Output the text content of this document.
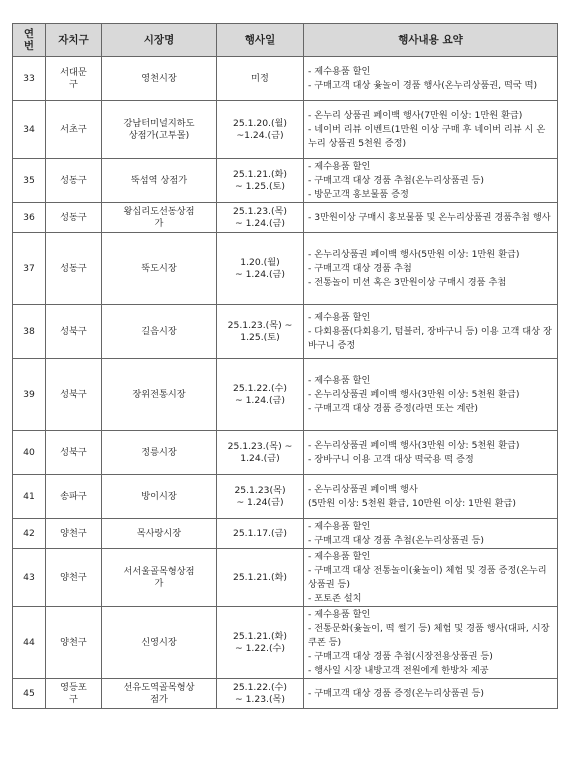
연
번	자치구	시장명	행사일	행사내용 요약
33	서대문
구	영천시장	미정	- 제수용품 할인
- 구매고객 대상 윷놀이 경품 행사(온누리상품권, 떡국 떡)

34	서초구	강남터미널지하도
상점가(고투몰)	25.1.20.(월)
~1.24.(금)	- 온누리 상품권 페이백 행사(7만원 이상: 1만원 환급)
- 네이버 리뷰 이벤트(1만원 이상 구매 후 네이버 리뷰 시 온누리 상품권 5천원 증정)

35	성동구	뚝섬역 상점가	25.1.21.(화)
~ 1.25.(토)	- 제수용품 할인
- 구매고객 대상 경품 추첨(온누리상품권 등)
- 방문고객 홍보물품 증정

36	성동구	왕십리도선동상점
가	25.1.23.(목)
~ 1.24.(금)	- 3만원이상 구매시 홍보물품 및 온누리상품권 경품추첨 행사

37	성동구	뚝도시장	1.20.(월)
~ 1.24.(금)	- 온누리상품권 페이백 행사(5만원 이상: 1만원 환급)
- 구매고객 대상 경품 추첨
- 전통놀이 미션 혹은 3만원이상 구매시 경품 추첨

38	성북구	길음시장	25.1.23.(목) ~
1.25.(토)	- 제수용품 할인
- 다회용품(다회용기, 텀블러, 장바구니 등) 이용 고객 대상 장바구니 증정

39	성북구	장위전통시장	25.1.22.(수)
~ 1.24.(금)	- 제수용품 할인
- 온누리상품권 페이백 행사(3만원 이상: 5천원 환급)
- 구매고객 대상 경품 증정(라면 또는 계란)

40	성북구	정릉시장	25.1.23.(목) ~
1.24.(금)	- 온누리상품권 페이백 행사(3만원 이상: 5천원 환급)
- 장바구니 이용 고객 대상 떡국용 떡 증정

41	송파구	방이시장	25.1.23(목)
~ 1.24(금)	- 온누리상품권 페이백 행사
(5만원 이상: 5천원 환급, 10만원 이상: 1만원 환급)

42	양천구	목사랑시장	25.1.17.(금)	- 제수용품 할인
- 구매고객 대상 경품 추첨(온누리상품권 등)

43	양천구	서서울골목형상점
가	25.1.21.(화)	- 제수용품 할인
- 구매고객 대상 전통놀이(윷놀이) 체험 및 경품 증정(온누리상품권 등)
- 포토존 설치

44	양천구	신영시장	25.1.21.(화)
~ 1.22.(수)	- 제수용품 할인
- 전통문화(윷놀이, 떡 썰기 등) 체험 및 경품 행사(대파, 시장쿠폰 등)
- 구매고객 대상 경품 추첨(시장전용상품권 등)
- 행사일 시장 내방고객 전원에게 한방차 제공

45	영등포
구	선유도역골목형상
점가	25.1.22.(수)
~ 1.23.(목)	- 구매고객 대상 경품 증정(온누리상품권 등)
